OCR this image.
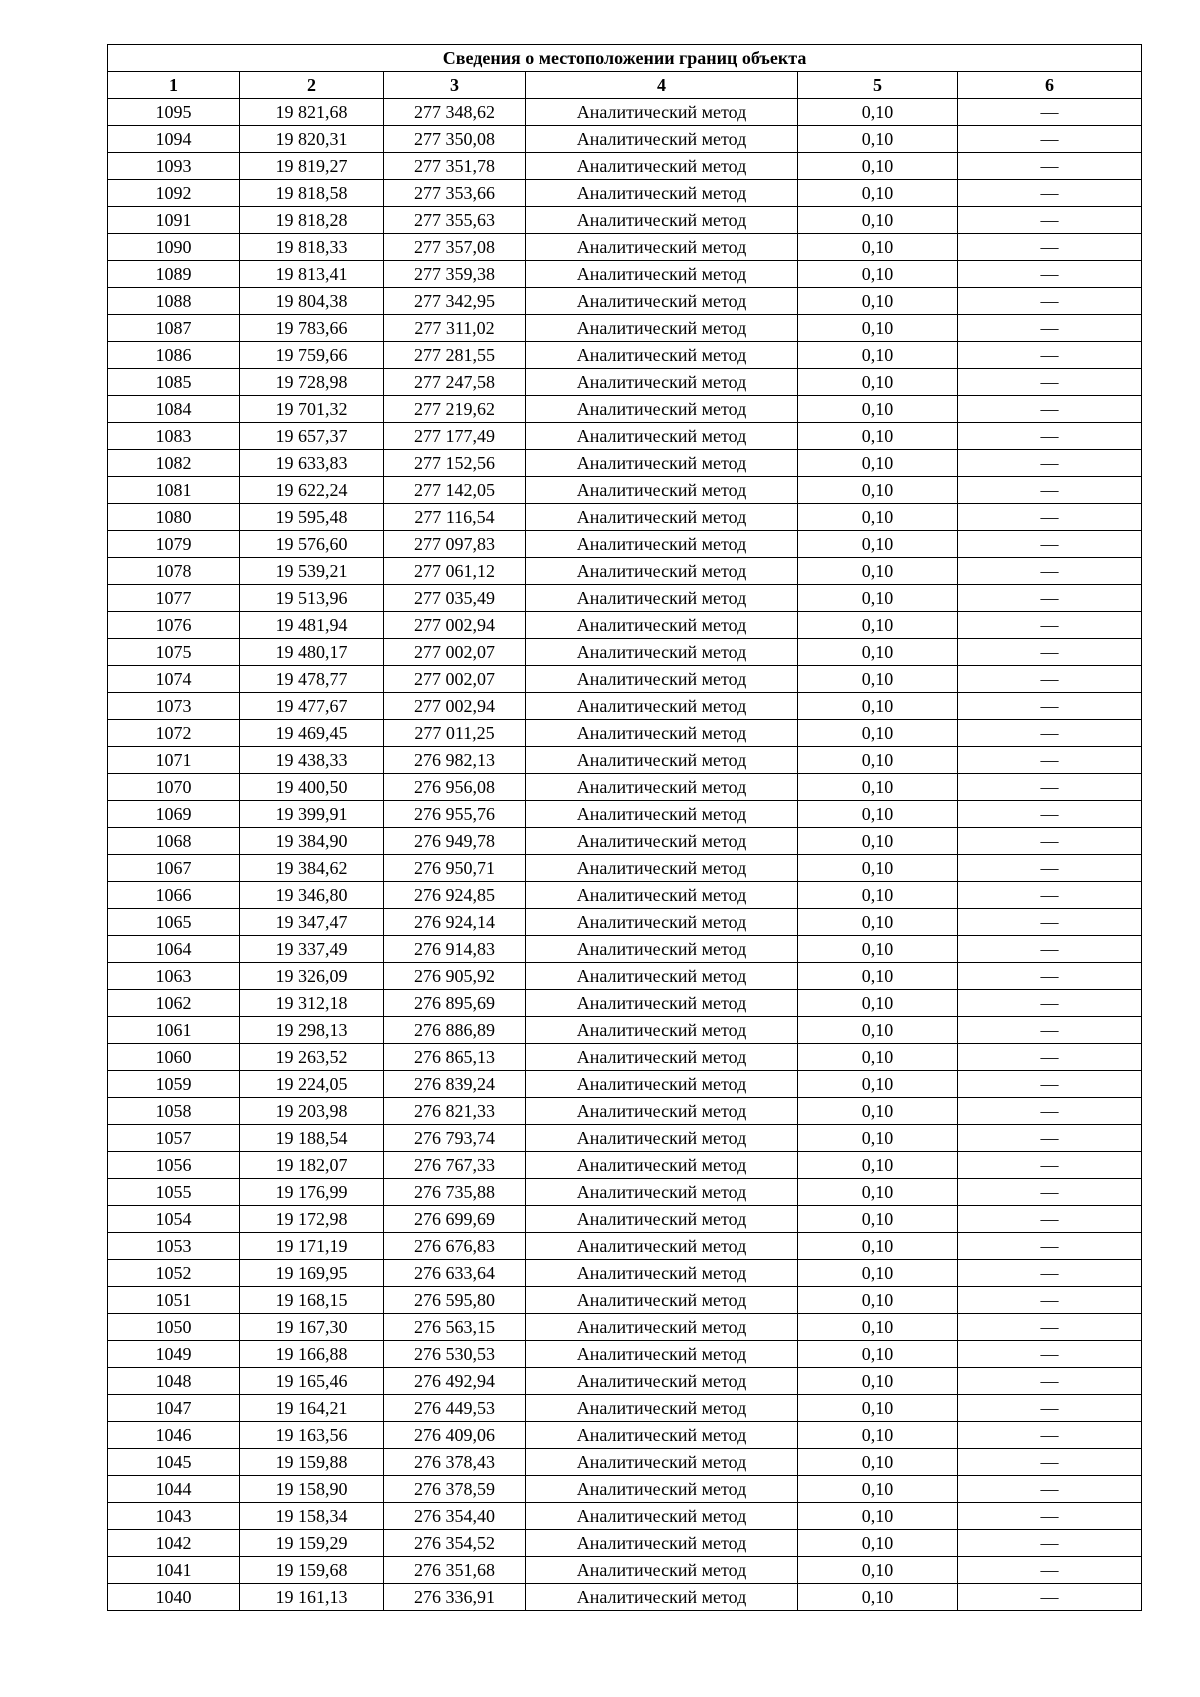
Сведения о местоположении границ объекта					
1	2	3	4	5	6
1095	19 821,68	277 348,62	Аналитический метод	0,10	—
1094	19 820,31	277 350,08	Аналитический метод	0,10	—
1093	19 819,27	277 351,78	Аналитический метод	0,10	—
1092	19 818,58	277 353,66	Аналитический метод	0,10	—
1091	19 818,28	277 355,63	Аналитический метод	0,10	—
1090	19 818,33	277 357,08	Аналитический метод	0,10	—
1089	19 813,41	277 359,38	Аналитический метод	0,10	—
1088	19 804,38	277 342,95	Аналитический метод	0,10	—
1087	19 783,66	277 311,02	Аналитический метод	0,10	—
1086	19 759,66	277 281,55	Аналитический метод	0,10	—
1085	19 728,98	277 247,58	Аналитический метод	0,10	—
1084	19 701,32	277 219,62	Аналитический метод	0,10	—
1083	19 657,37	277 177,49	Аналитический метод	0,10	—
1082	19 633,83	277 152,56	Аналитический метод	0,10	—
1081	19 622,24	277 142,05	Аналитический метод	0,10	—
1080	19 595,48	277 116,54	Аналитический метод	0,10	—
1079	19 576,60	277 097,83	Аналитический метод	0,10	—
1078	19 539,21	277 061,12	Аналитический метод	0,10	—
1077	19 513,96	277 035,49	Аналитический метод	0,10	—
1076	19 481,94	277 002,94	Аналитический метод	0,10	—
1075	19 480,17	277 002,07	Аналитический метод	0,10	—
1074	19 478,77	277 002,07	Аналитический метод	0,10	—
1073	19 477,67	277 002,94	Аналитический метод	0,10	—
1072	19 469,45	277 011,25	Аналитический метод	0,10	—
1071	19 438,33	276 982,13	Аналитический метод	0,10	—
1070	19 400,50	276 956,08	Аналитический метод	0,10	—
1069	19 399,91	276 955,76	Аналитический метод	0,10	—
1068	19 384,90	276 949,78	Аналитический метод	0,10	—
1067	19 384,62	276 950,71	Аналитический метод	0,10	—
1066	19 346,80	276 924,85	Аналитический метод	0,10	—
1065	19 347,47	276 924,14	Аналитический метод	0,10	—
1064	19 337,49	276 914,83	Аналитический метод	0,10	—
1063	19 326,09	276 905,92	Аналитический метод	0,10	—
1062	19 312,18	276 895,69	Аналитический метод	0,10	—
1061	19 298,13	276 886,89	Аналитический метод	0,10	—
1060	19 263,52	276 865,13	Аналитический метод	0,10	—
1059	19 224,05	276 839,24	Аналитический метод	0,10	—
1058	19 203,98	276 821,33	Аналитический метод	0,10	—
1057	19 188,54	276 793,74	Аналитический метод	0,10	—
1056	19 182,07	276 767,33	Аналитический метод	0,10	—
1055	19 176,99	276 735,88	Аналитический метод	0,10	—
1054	19 172,98	276 699,69	Аналитический метод	0,10	—
1053	19 171,19	276 676,83	Аналитический метод	0,10	—
1052	19 169,95	276 633,64	Аналитический метод	0,10	—
1051	19 168,15	276 595,80	Аналитический метод	0,10	—
1050	19 167,30	276 563,15	Аналитический метод	0,10	—
1049	19 166,88	276 530,53	Аналитический метод	0,10	—
1048	19 165,46	276 492,94	Аналитический метод	0,10	—
1047	19 164,21	276 449,53	Аналитический метод	0,10	—
1046	19 163,56	276 409,06	Аналитический метод	0,10	—
1045	19 159,88	276 378,43	Аналитический метод	0,10	—
1044	19 158,90	276 378,59	Аналитический метод	0,10	—
1043	19 158,34	276 354,40	Аналитический метод	0,10	—
1042	19 159,29	276 354,52	Аналитический метод	0,10	—
1041	19 159,68	276 351,68	Аналитический метод	0,10	—
1040	19 161,13	276 336,91	Аналитический метод	0,10	—
